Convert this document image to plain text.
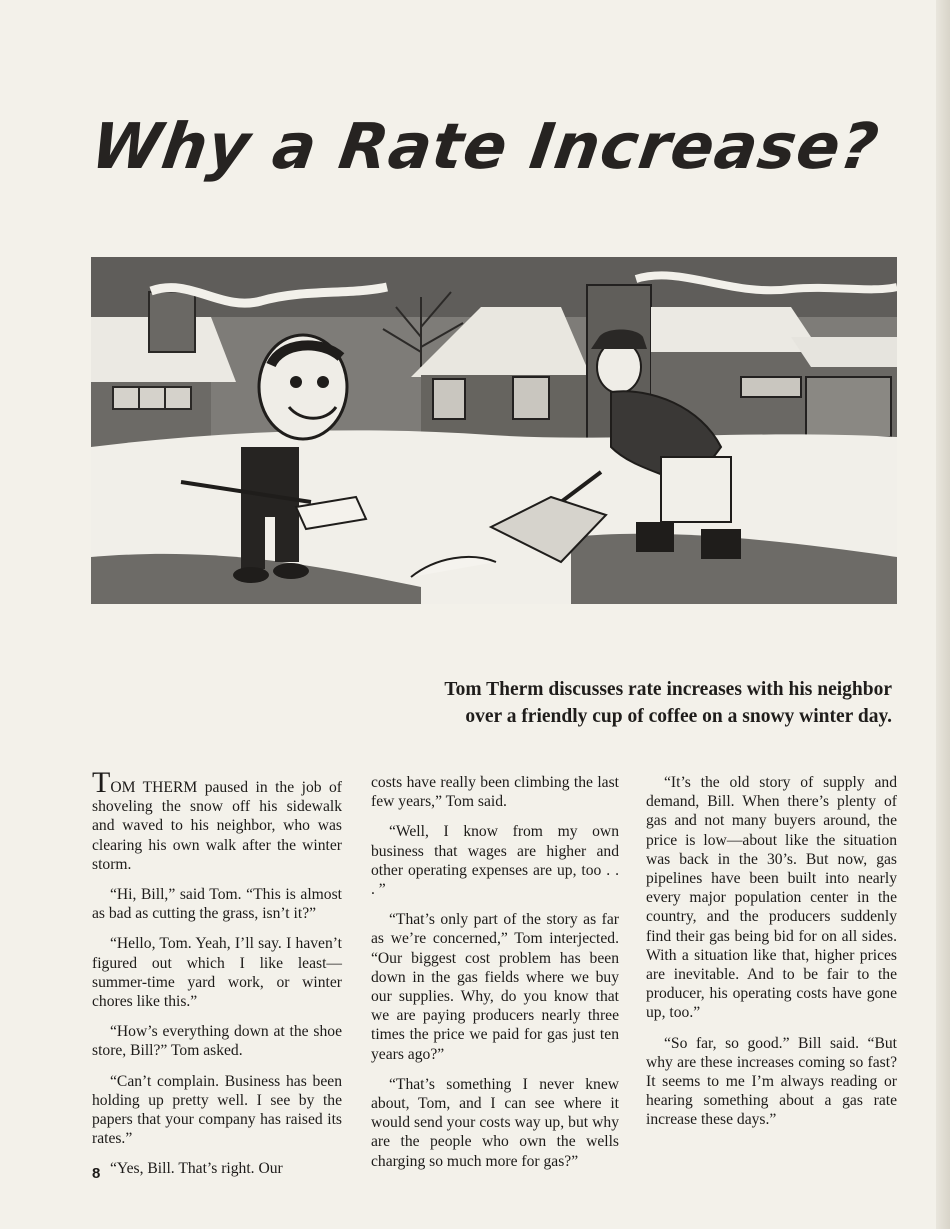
Why a Rate Increase?
Tom Therm discusses rate increases with his neighbor
over a friendly cup of coffee on a snowy winter day.

TOM THERM paused in the job of shoveling the snow off his sidewalk and waved to his neighbor, who was clearing his own walk after the winter storm.

“Hi, Bill,” said Tom. “This is almost as bad as cutting the grass, isn’t it?”

“Hello, Tom. Yeah, I’ll say. I haven’t figured out which I like least—summer-time yard work, or winter chores like this.”

“How’s everything down at the shoe store, Bill?” Tom asked.

“Can’t complain. Business has been holding up pretty well. I see by the papers that your company has raised its rates.”

“Yes, Bill. That’s right. Our

costs have really been climbing the last few years,” Tom said.

“Well, I know from my own business that wages are higher and other operating expenses are up, too . . . ”

“That’s only part of the story as far as we’re concerned,” Tom interjected. “Our biggest cost problem has been down in the gas fields where we buy our supplies. Why, do you know that we are paying producers nearly three times the price we paid for gas just ten years ago?”

“That’s something I never knew about, Tom, and I can see where it would send your costs way up, but why are the people who own the wells charging so much more for gas?”

“It’s the old story of supply and demand, Bill. When there’s plenty of gas and not many buyers around, the price is low—about like the situation was back in the 30’s. But now, gas pipelines have been built into nearly every major population center in the country, and the producers suddenly find their gas being bid for on all sides. With a situation like that, higher prices are inevitable. And to be fair to the producer, his operating costs have gone up, too.”

“So far, so good.” Bill said. “But why are these increases coming so fast? It seems to me I’m always reading or hearing something about a gas rate increase these days.”

8
